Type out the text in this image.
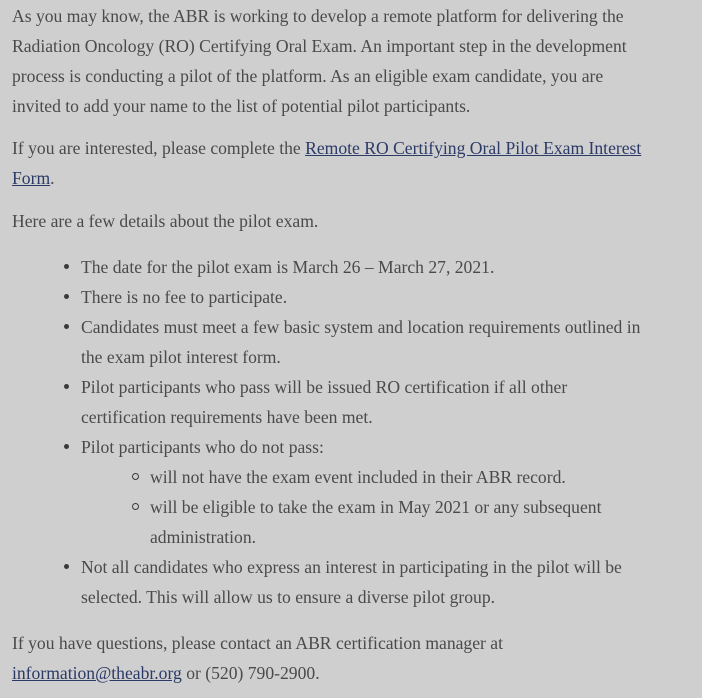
As you may know, the ABR is working to develop a remote platform for delivering the Radiation Oncology (RO) Certifying Oral Exam. An important step in the development process is conducting a pilot of the platform. As an eligible exam candidate, you are invited to add your name to the list of potential pilot participants.

If you are interested, please complete the Remote RO Certifying Oral Pilot Exam Interest Form.

Here are a few details about the pilot exam.

The date for the pilot exam is March 26 – March 27, 2021.
There is no fee to participate.
Candidates must meet a few basic system and location requirements outlined in the exam pilot interest form.
Pilot participants who pass will be issued RO certification if all other certification requirements have been met.
Pilot participants who do not pass:
will not have the exam event included in their ABR record.
will be eligible to take the exam in May 2021 or any subsequent administration.
Not all candidates who express an interest in participating in the pilot will be selected. This will allow us to ensure a diverse pilot group.

If you have questions, please contact an ABR certification manager at information@theabr.org or (520) 790-2900.
